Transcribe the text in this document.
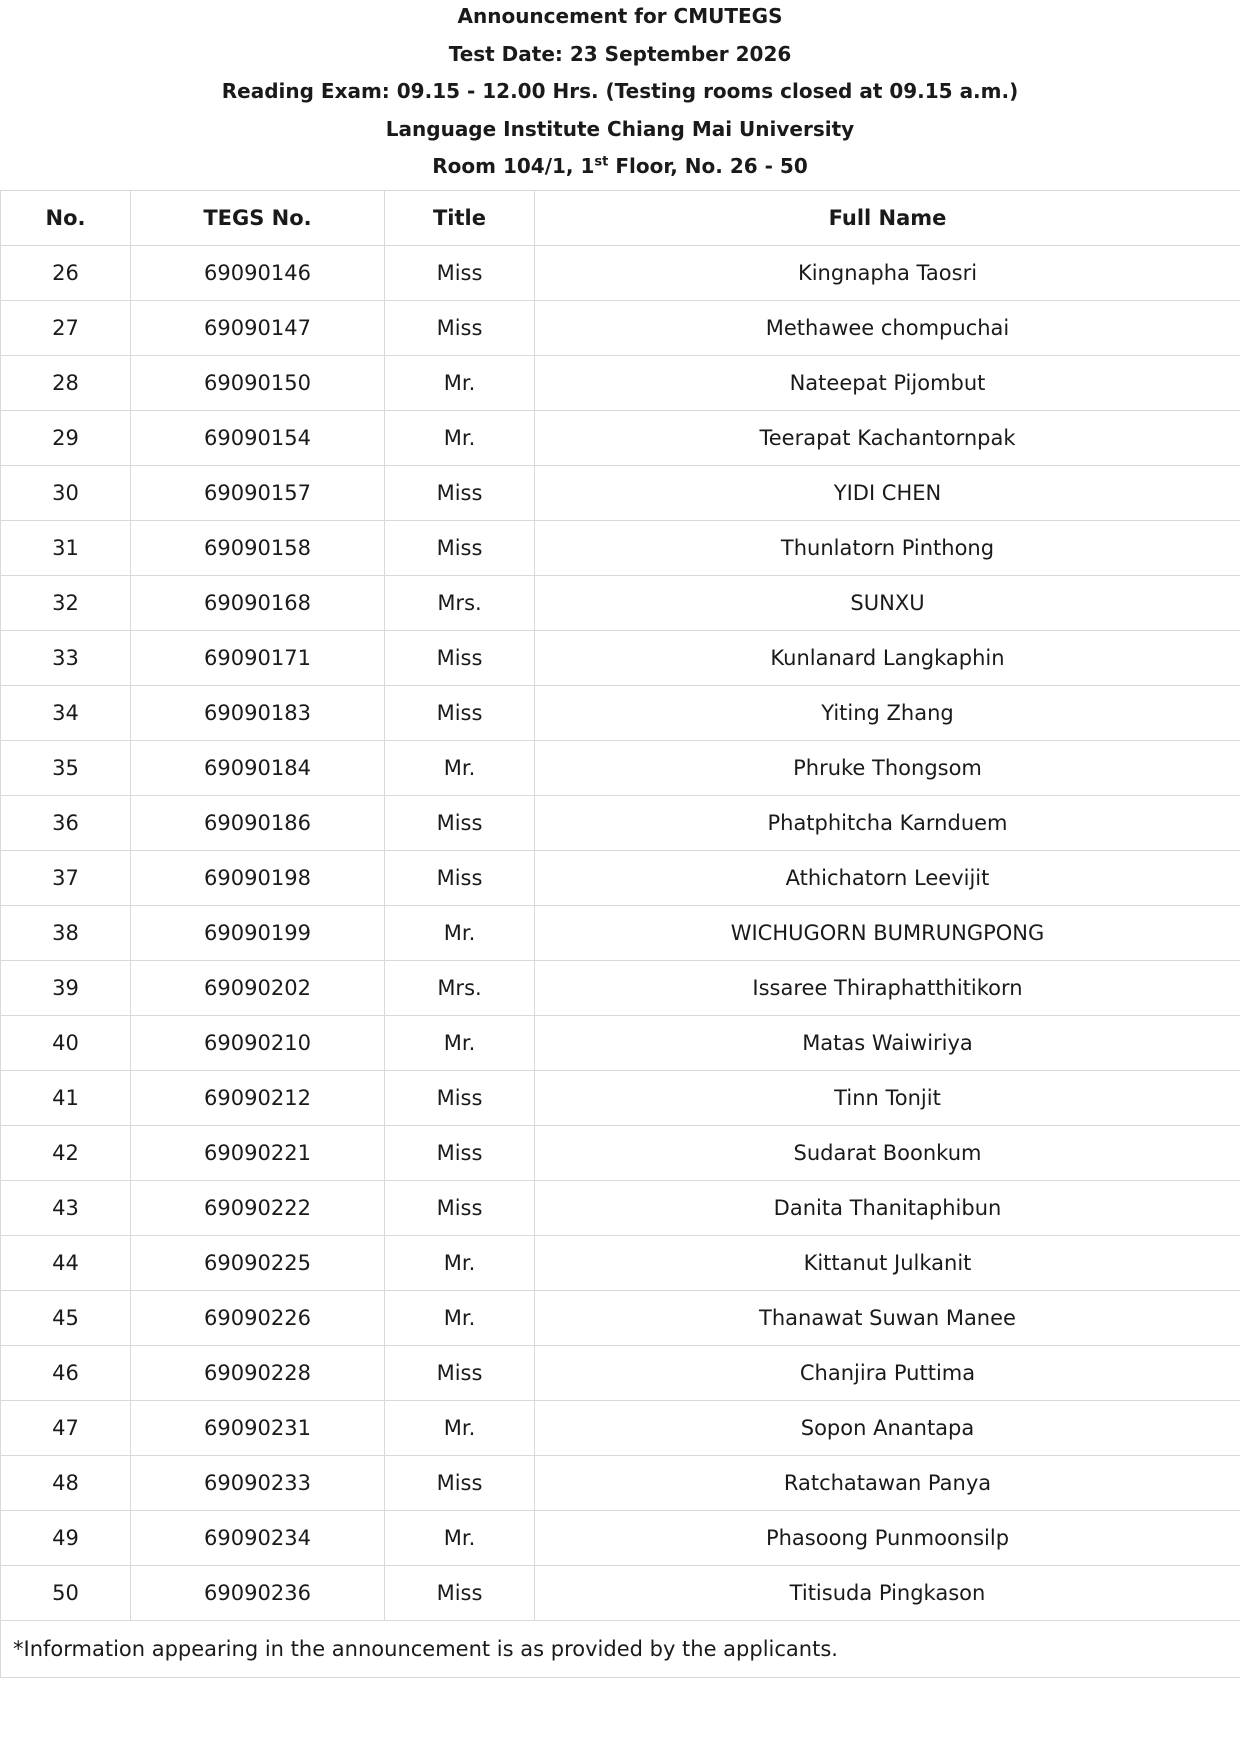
Announcement for CMUTEGS
Test Date: 23 September 2026
Reading Exam: 09.15 - 12.00 Hrs. (Testing rooms closed at 09.15 a.m.)
Language Institute Chiang Mai University
Room 104/1, 1st Floor, No. 26 - 50
No.	TEGS No.	Title	Full Name
26	69090146	Miss	Kingnapha Taosri
27	69090147	Miss	Methawee chompuchai
28	69090150	Mr.	Nateepat Pijombut
29	69090154	Mr.	Teerapat Kachantornpak
30	69090157	Miss	YIDI CHEN
31	69090158	Miss	Thunlatorn Pinthong
32	69090168	Mrs.	SUNXU
33	69090171	Miss	Kunlanard Langkaphin
34	69090183	Miss	Yiting Zhang
35	69090184	Mr.	Phruke Thongsom
36	69090186	Miss	Phatphitcha Karnduem
37	69090198	Miss	Athichatorn Leevijit
38	69090199	Mr.	WICHUGORN BUMRUNGPONG
39	69090202	Mrs.	Issaree Thiraphatthitikorn
40	69090210	Mr.	Matas Waiwiriya
41	69090212	Miss	Tinn Tonjit
42	69090221	Miss	Sudarat Boonkum
43	69090222	Miss	Danita Thanitaphibun
44	69090225	Mr.	Kittanut Julkanit
45	69090226	Mr.	Thanawat Suwan Manee
46	69090228	Miss	Chanjira Puttima
47	69090231	Mr.	Sopon Anantapa
48	69090233	Miss	Ratchatawan Panya
49	69090234	Mr.	Phasoong Punmoonsilp
50	69090236	Miss	Titisuda Pingkason
*Information appearing in the announcement is as provided by the applicants.			
